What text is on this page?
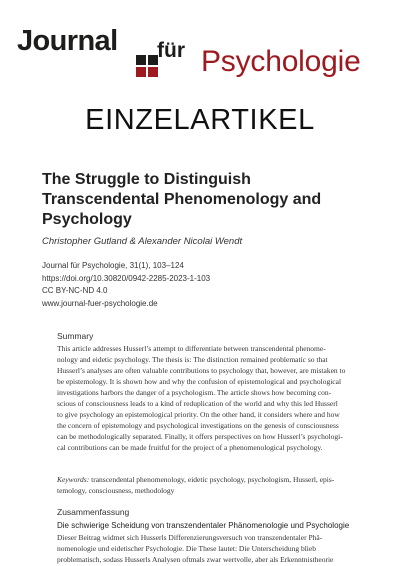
Journal für Psychologie
EINZELARTIKEL
The Struggle to Distinguish
Transcendental Phenomenology and
Psychology
Christopher Gutland & Alexander Nicolai Wendt
Journal für Psychologie, 31(1), 103–124
https://doi.org/10.30820/0942-2285-2023-1-103
CC BY-NC-ND 4.0
www.journal-fuer-psychologie.de
Summary
This article addresses Husserl’s attempt to differentiate between transcendental phenome-
nology and eidetic psychology. The thesis is: The distinction remained problematic so that
Husserl’s analyses are often valuable contributions to psychology that, however, are mistaken to
be epistemology. It is shown how and why the confusion of epistemological and psychological
investigations harbors the danger of a psychologism. The article shows how becoming con-
scious of consciousness leads to a kind of reduplication of the world and why this led Husserl
to give psychology an epistemological priority. On the other hand, it considers where and how
the concern of epistemology and psychological investigations on the genesis of consciousness
can be methodologically separated. Finally, it offers perspectives on how Husserl’s psychologi-
cal contributions can be made fruitful for the project of a phenomenological psychology.
Keywords: transcendental phenomenology, eidetic psychology, psychologism, Husserl, epis-
temology, consciousness, methodology
Zusammenfassung
Die schwierige Scheidung von transzendentaler Phänomenologie und Psychologie
Dieser Beitrag widmet sich Husserls Differenzierungsversuch von transzendentaler Phä-
nomenologie und eidetischer Psychologie. Die These lautet: Die Unterscheidung blieb
problematisch, sodass Husserls Analysen oftmals zwar wertvolle, aber als Erkenntnistheorie
